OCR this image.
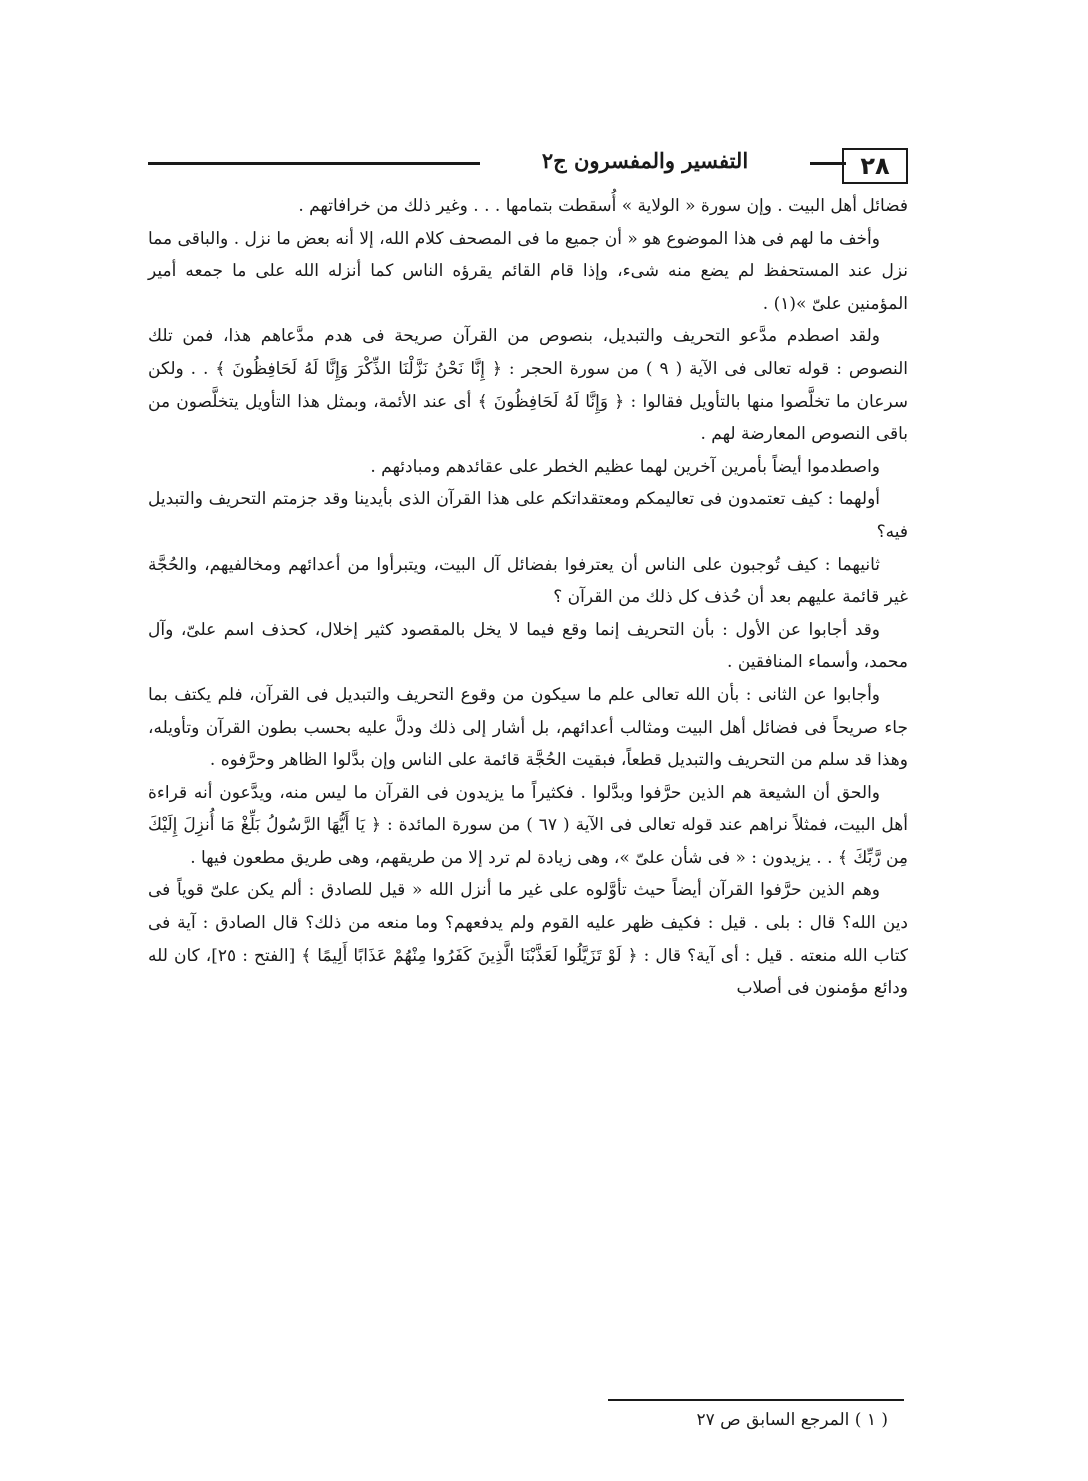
٢٨
التفسير والمفسرون ج٢

فضائل أهل البيت . وإن سورة « الولاية » أُسقطت بتمامها . . . وغير ذلك من خرافاتهم .

وأخف ما لهم فى هذا الموضوع هو « أن جميع ما فى المصحف كلام الله، إلا أنه بعض ما نزل . والباقى مما نزل عند المستحفظ لم يضع منه شىء، وإذا قام القائم يقرؤه الناس كما أنزله الله على ما جمعه أمير المؤمنين علىّ »(١) .

ولقد اصطدم مدَّعو التحريف والتبديل، بنصوص من القرآن صريحة فى هدم مدَّعاهم هذا، فمن تلك النصوص : قوله تعالى فى الآية ( ٩ ) من سورة الحجر : ﴿ إِنَّا نَحْنُ نَزَّلْنَا الذِّكْرَ وَإِنَّا لَهُ لَحَافِظُونَ ﴾ . . ولكن سرعان ما تخلَّصوا منها بالتأويل فقالوا : ﴿ وَإِنَّا لَهُ لَحَافِظُونَ ﴾ أى عند الأئمة، وبمثل هذا التأويل يتخلَّصون من باقى النصوص المعارضة لهم .

واصطدموا أيضاً بأمرين آخرين لهما عظيم الخطر على عقائدهم ومبادئهم .

أولهما : كيف تعتمدون فى تعاليمكم ومعتقداتكم على هذا القرآن الذى بأيدينا وقد جزمتم التحريف والتبديل فيه؟

ثانيهما : كيف تُوجبون على الناس أن يعترفوا بفضائل آل البيت، ويتبرأوا من أعدائهم ومخالفيهم، والحُجَّة غير قائمة عليهم بعد أن حُذف كل ذلك من القرآن ؟

وقد أجابوا عن الأول : بأن التحريف إنما وقع فيما لا يخل بالمقصود كثير إخلال، كحذف اسم علىّ، وآل محمد، وأسماء المنافقين .

وأجابوا عن الثانى : بأن الله تعالى علم ما سيكون من وقوع التحريف والتبديل فى القرآن، فلم يكتف بما جاء صريحاً فى فضائل أهل البيت ومثالب أعدائهم، بل أشار إلى ذلك ودلَّ عليه بحسب بطون القرآن وتأويله، وهذا قد سلم من التحريف والتبديل قطعاً، فبقيت الحُجَّة قائمة على الناس وإن بدَّلوا الظاهر وحرَّفوه .

والحق أن الشيعة هم الذين حرَّفوا وبدَّلوا . فكثيراً ما يزيدون فى القرآن ما ليس منه، ويدَّعون أنه قراءة أهل البيت، فمثلاً نراهم عند قوله تعالى فى الآية ( ٦٧ ) من سورة المائدة : ﴿ يَا أَيُّهَا الرَّسُولُ بَلِّغْ مَا أُنزِلَ إِلَيْكَ مِن رَّبِّكَ ﴾ . . يزيدون : « فى شأن علىّ »، وهى زيادة لم ترد إلا من طريقهم، وهى طريق مطعون فيها .

وهم الذين حرَّفوا القرآن أيضاً حيث تأوَّلوه على غير ما أنزل الله « قيل للصادق : ألم يكن علىّ قوياً فى دين الله؟ قال : بلى . قيل : فكيف ظهر عليه القوم ولم يدفعهم؟ وما منعه من ذلك؟ قال الصادق : آية فى كتاب الله منعته . قيل : أى آية؟ قال : ﴿ لَوْ تَزَيَّلُوا لَعَذَّبْنَا الَّذِينَ كَفَرُوا مِنْهُمْ عَذَابًا أَلِيمًا ﴾ [الفتح : ٢٥]، كان لله ودائع مؤمنون فى أصلاب

( ١ ) المرجع السابق ص ٢٧
